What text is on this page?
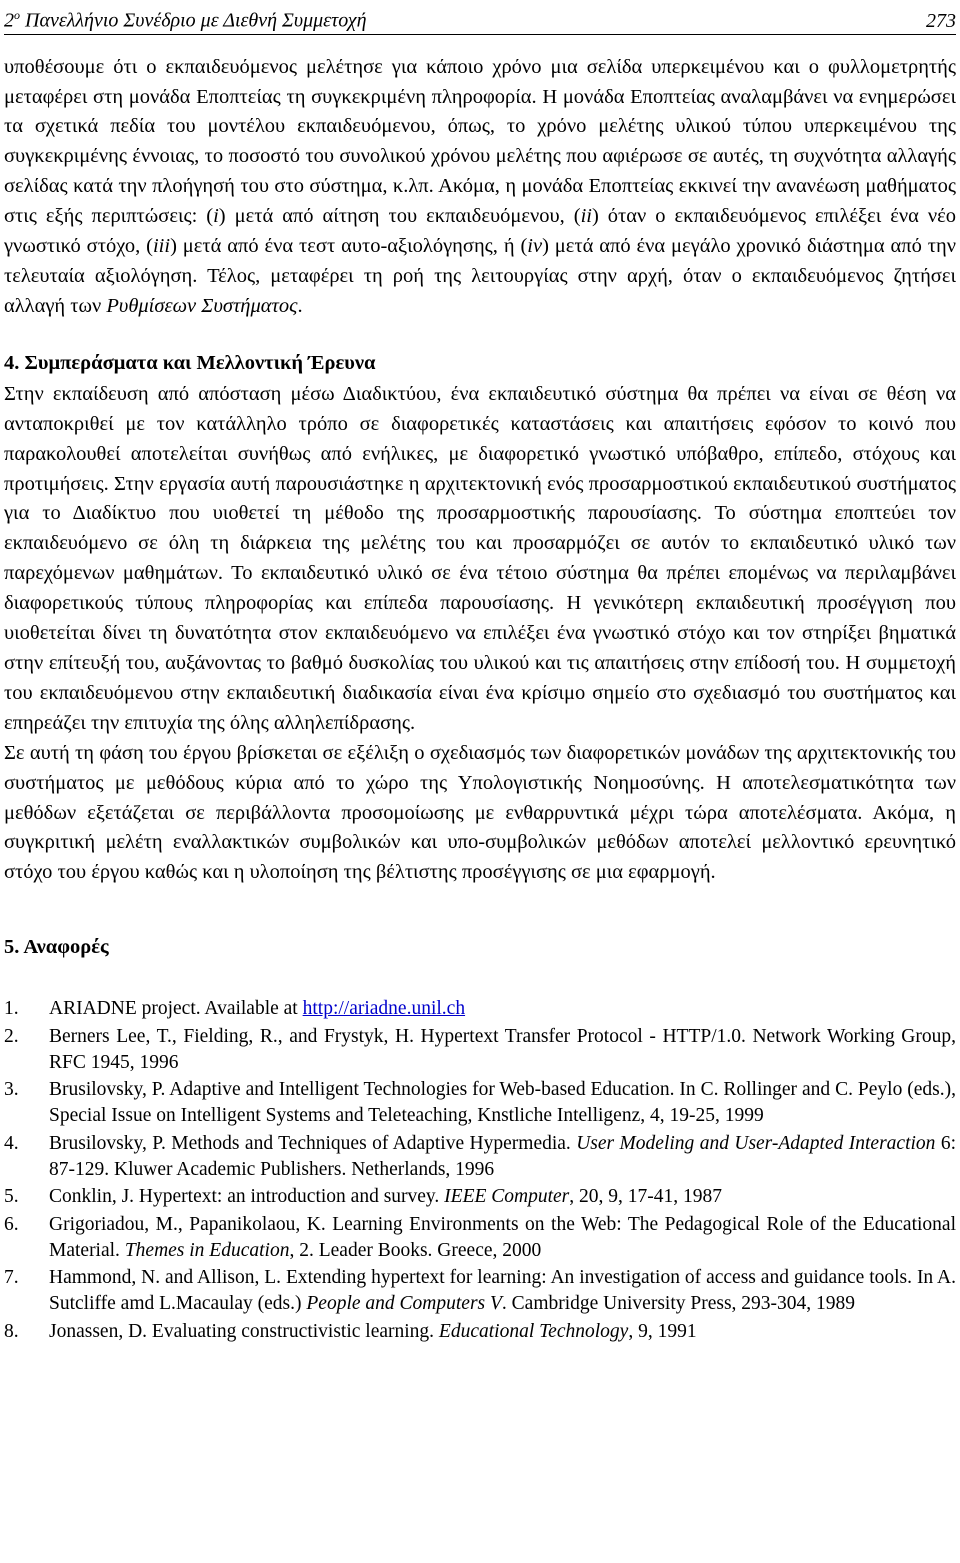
$2^o$ Πανελλήνιο Συνέδριο με Διεθνή Συμμετοχή	273

υποθέσουμε ότι ο εκπαιδευόμενος μελέτησε για κάποιο χρόνο μια σελίδα υπερκειμένου και ο φυλλομετρητής μεταφέρει στη μονάδα Εποπτείας τη συγκεκριμένη πληροφορία. Η μονάδα Εποπτείας αναλαμβάνει να ενημερώσει τα σχετικά πεδία του μοντέλου εκπαιδευόμενου, όπως, το χρόνο μελέτης υλικού τύπου υπερκειμένου της συγκεκριμένης έννοιας, το ποσοστό του συνολικού χρόνου μελέτης που αφιέρωσε σε αυτές, τη συχνότητα αλλαγής σελίδας κατά την πλοήγησή του στο σύστημα, κ.λπ. Ακόμα, η μονάδα Εποπτείας εκκινεί την ανανέωση μαθήματος στις εξής περιπτώσεις: (i) μετά από αίτηση του εκπαιδευόμενου, (ii) όταν ο εκπαιδευόμενος επιλέξει ένα νέο γνωστικό στόχο, (iii) μετά από ένα τεστ αυτο-αξιολόγησης, ή (iv) μετά από ένα μεγάλο χρονικό διάστημα από την τελευταία αξιολόγηση. Τέλος, μεταφέρει τη ροή της λειτουργίας στην αρχή, όταν ο εκπαιδευόμενος ζητήσει αλλαγή των Ρυθμίσεων Συστήματος.

4. Συμπεράσματα και Μελλοντική Έρευνα

Στην εκπαίδευση από απόσταση μέσω Διαδικτύου, ένα εκπαιδευτικό σύστημα θα πρέπει να είναι σε θέση να ανταποκριθεί με τον κατάλληλο τρόπο σε διαφορετικές καταστάσεις και απαιτήσεις εφόσον το κοινό που παρακολουθεί αποτελείται συνήθως από ενήλικες, με διαφορετικό γνωστικό υπόβαθρο, επίπεδο, στόχους και προτιμήσεις. Στην εργασία αυτή παρουσιάστηκε η αρχιτεκτονική ενός προσαρμοστικού εκπαιδευτικού συστήματος για το Διαδίκτυο που υιοθετεί τη μέθοδο της προσαρμοστικής παρουσίασης. Το σύστημα εποπτεύει τον εκπαιδευόμενο σε όλη τη διάρκεια της μελέτης του και προσαρμόζει σε αυτόν το εκπαιδευτικό υλικό των παρεχόμενων μαθημάτων. Το εκπαιδευτικό υλικό σε ένα τέτοιο σύστημα θα πρέπει επομένως να περιλαμβάνει διαφορετικούς τύπους πληροφορίας και επίπεδα παρουσίασης. Η γενικότερη εκπαιδευτική προσέγγιση που υιοθετείται δίνει τη δυνατότητα στον εκπαιδευόμενο να επιλέξει ένα γνωστικό στόχο και τον στηρίξει βηματικά στην επίτευξή του, αυξάνοντας το βαθμό δυσκολίας του υλικού και τις απαιτήσεις στην επίδοσή του. Η συμμετοχή του εκπαιδευόμενου στην εκπαιδευτική διαδικασία είναι ένα κρίσιμο σημείο στο σχεδιασμό του συστήματος και επηρεάζει την επιτυχία της όλης αλληλεπίδρασης.

Σε αυτή τη φάση του έργου βρίσκεται σε εξέλιξη ο σχεδιασμός των διαφορετικών μονάδων της αρχιτεκτονικής του συστήματος με μεθόδους κύρια από το χώρο της Υπολογιστικής Νοημοσύνης. Η αποτελεσματικότητα των μεθόδων εξετάζεται σε περιβάλλοντα προσομοίωσης με ενθαρρυντικά μέχρι τώρα αποτελέσματα. Ακόμα, η συγκριτική μελέτη εναλλακτικών συμβολικών και υπο-συμβολικών μεθόδων αποτελεί μελλοντικό ερευνητικό στόχο του έργου καθώς και η υλοποίηση της βέλτιστης προσέγγισης σε μια εφαρμογή.

5. Αναφορές
1. ARIADNE project. Available at http://ariadne.unil.ch
2. Berners Lee, T., Fielding, R., and Frystyk, H. Hypertext Transfer Protocol - HTTP/1.0. Network Working Group, RFC 1945, 1996
3. Brusilovsky, P. Adaptive and Intelligent Technologies for Web-based Education. In C. Rollinger and C. Peylo (eds.), Special Issue on Intelligent Systems and Teleteaching, Knstliche Intelligenz, 4, 19-25, 1999
4. Brusilovsky, P. Methods and Techniques of Adaptive Hypermedia. User Modeling and User-Adapted Interaction 6: 87-129. Kluwer Academic Publishers. Netherlands, 1996
5. Conklin, J. Hypertext: an introduction and survey. IEEE Computer, 20, 9, 17-41, 1987
6. Grigoriadou, M., Papanikolaou, K. Learning Environments on the Web: The Pedagogical Role of the Educational Material. Themes in Education, 2. Leader Books. Greece, 2000
7. Hammond, N. and Allison, L. Extending hypertext for learning: An investigation of access and guidance tools. In A. Sutcliffe amd L.Macaulay (eds.) People and Computers V. Cambridge University Press, 293-304, 1989
8. Jonassen, D. Evaluating constructivistic learning. Educational Technology, 9, 1991
